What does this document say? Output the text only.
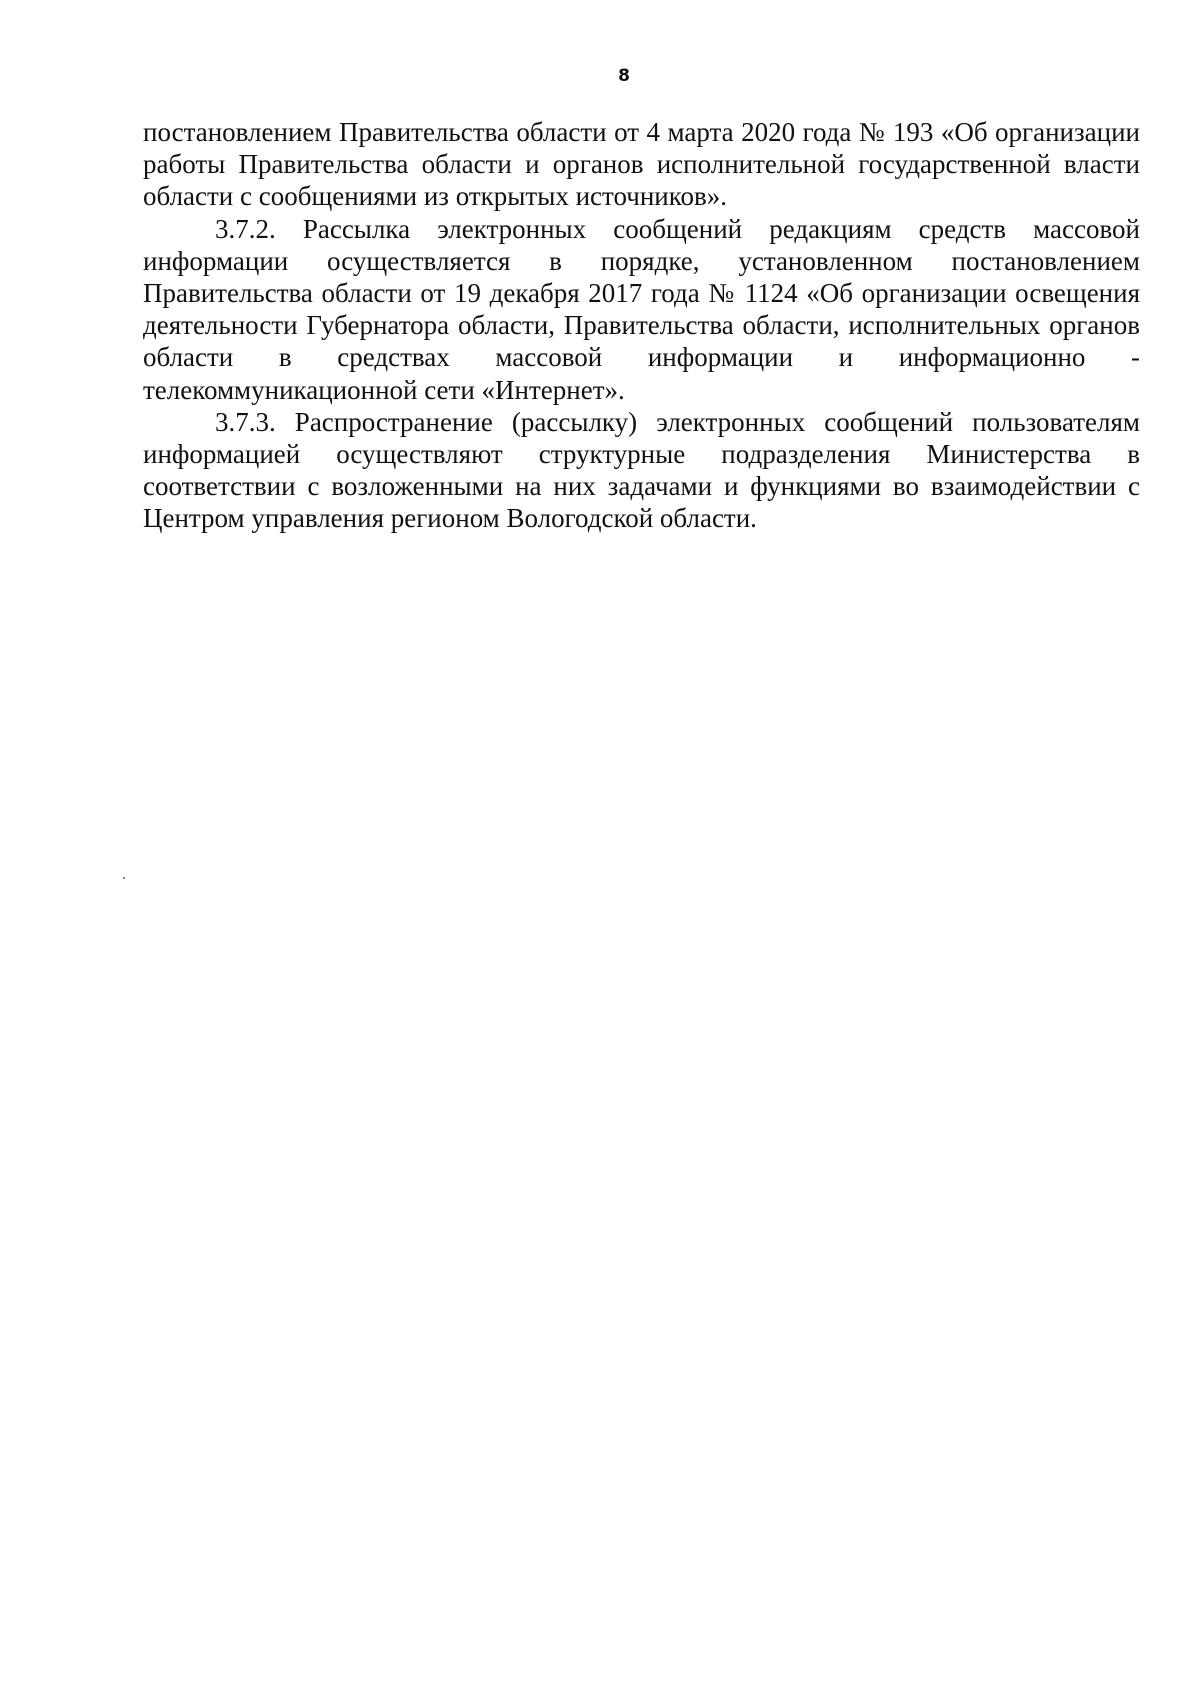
8

постановлением Правительства области от 4 марта 2020 года № 193 «Об организации работы Правительства области и органов исполнительной государственной власти области с сообщениями из открытых источников».

3.7.2. Рассылка электронных сообщений редакциям средств массовой информации осуществляется в порядке, установленном постановлением Правительства области от 19 декабря 2017 года № 1124 «Об организации освещения деятельности Губернатора области, Правительства области, исполнительных органов области в средствах массовой информации и информационно - телекоммуникационной сети «Интернет».

3.7.3. Распространение (рассылку) электронных сообщений пользователям информацией осуществляют структурные подразделения Министерства в соответствии с возложенными на них задачами и функциями во взаимодействии с Центром управления регионом Вологодской области.
